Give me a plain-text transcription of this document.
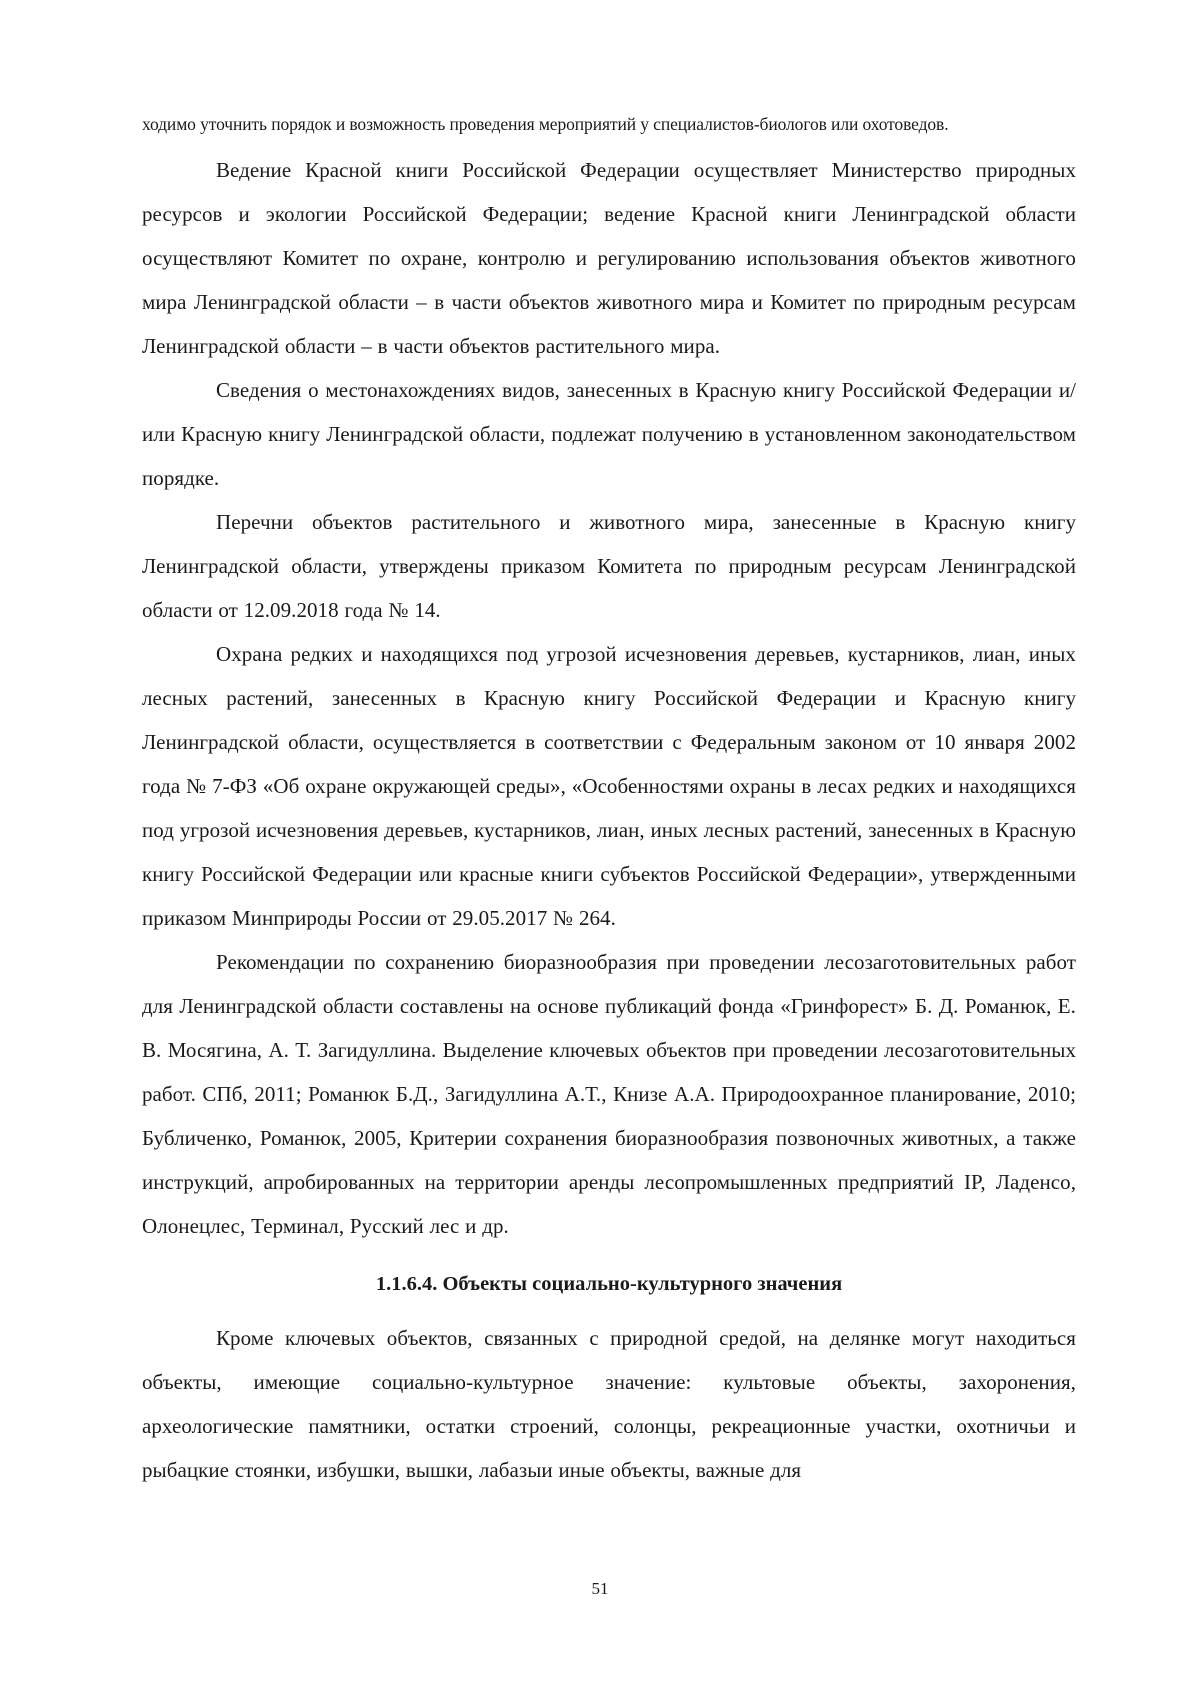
ходимо уточнить порядок и возможность проведения мероприятий у специалистов-биологов или охотоведов.

Ведение Красной книги Российской Федерации осуществляет Министерство природных ресурсов и экологии Российской Федерации; ведение Красной книги Ленинградской области осуществляют Комитет по охране, контролю и регулированию использования объектов животного мира Ленинградской области – в части объектов животного мира и Комитет по природным ресурсам Ленинградской области – в части объектов растительного мира.

Сведения о местонахождениях видов, занесенных в Красную книгу Российской Федерации и/или Красную книгу Ленинградской области, подлежат получению в установленном законодательством порядке.

Перечни объектов растительного и животного мира, занесенные в Красную книгу Ленинградской области, утверждены приказом Комитета по природным ресурсам Ленинградской области от 12.09.2018 года № 14.

Охрана редких и находящихся под угрозой исчезновения деревьев, кустарников, лиан, иных лесных растений, занесенных в Красную книгу Российской Федерации и Красную книгу Ленинградской области, осуществляется в соответствии с Федеральным законом от 10 января 2002 года № 7-ФЗ «Об охране окружающей среды», «Особенностями охраны в лесах редких и находящихся под угрозой исчезновения деревьев, кустарников, лиан, иных лесных растений, занесенных в Красную книгу Российской Федерации или красные книги субъектов Российской Федерации», утвержденными приказом Минприроды России от 29.05.2017 № 264.

Рекомендации по сохранению биоразнообразия при проведении лесозаготовительных работ для Ленинградской области составлены на основе публикаций фонда «Гринфорест» Б. Д. Романюк, Е. В. Мосягина, А. Т. Загидуллина. Выделение ключевых объектов при проведении лесозаготовительных работ. СПб, 2011; Романюк Б.Д., Загидуллина А.Т., Книзе А.А. Природоохранное планирование, 2010; Бубличенко, Романюк, 2005, Критерии сохранения биоразнообразия позвоночных животных, а также инструкций, апробированных на территории аренды лесопромышленных предприятий IP, Ладенсо, Олонецлес, Терминал, Русский лес и др.

1.1.6.4. Объекты социально-культурного значения

Кроме ключевых объектов, связанных с природной средой, на делянке могут находиться объекты, имеющие социально-культурное значение: культовые объекты, захоронения, археологические памятники, остатки строений, солонцы, рекреационные участки, охотничьи и рыбацкие стоянки, избушки, вышки, лабазыи иные объекты, важные для

51
